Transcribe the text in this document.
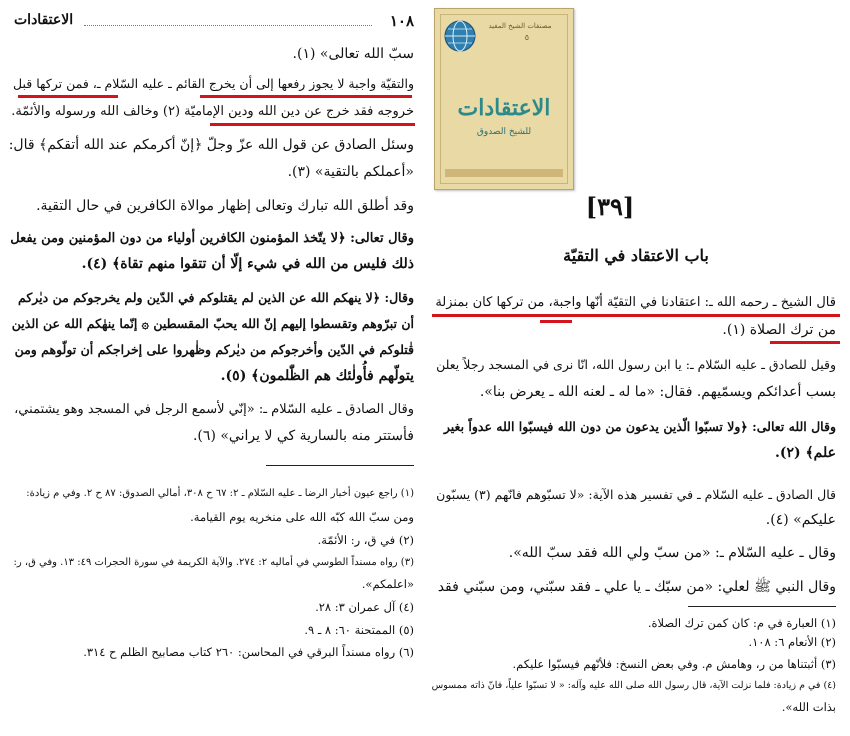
١٠٨
الاعتقادات
سبّ الله تعالى» (١).
والتقيّة واجبة لا يجوز رفعها إلى أن يخرج القائم ـ عليه السّلام ـ، فمن تركها قبل
خروجه فقد خرج عن دين الله ودين الإماميّة (٢) وخالف الله ورسوله والأئمّة.
وسئل الصادق عن قول الله عزّ وجلّ ﴿إنّ أكرمكم عند الله أتقكم﴾ قال:
«أعملكم بالتقية» (٣).
وقد أطلق الله تبارك وتعالى إظهار موالاة الكافرين في حال التقية.
وقال تعالى: ﴿لا يتّخذ المؤمنون الكافرين أولياء من دون المؤمنين ومن يفعل
ذلك فليس من الله في شيء إلّا أن تتقوا منهم تقاة﴾ (٤).
وقال: ﴿لا ينهكم الله عن الذين لم يقتلوكم في الدّين ولم يخرجوكم من ديٰركم
أن تبرّوهم وتقسطوا إليهم إنّ الله يحبّ المقسطين ۞ إنّما ينهٰكم الله عن الذين
قٰتلوكم في الدّين وأخرجوكم من ديٰركم وظٰهروا على إخراجكم أن تولّوهم ومن
يتولّهم فأُولٰئك هم الظّٰلمون﴾ (٥).
وقال الصادق ـ عليه السّلام ـ: «إنّي لأسمع الرجل في المسجد وهو يشتمني،
فأستتر منه بالسارية كي لا يراني» (٦).
(١) راجع عيون أخبار الرضا ـ عليه السّلام ـ ٢: ٦٧ ح ٣٠٨، أمالي الصدوق: ٨٧ ح ٢. وفي م زيادة:
ومن سبّ الله كبّه الله على منخريه يوم القيامة.
(٢) في ق، ر: الأئمّة.
(٣) رواه مسنداً الطوسي في أماليه ٢: ٢٧٤. والآية الكريمة في سورة الحجرات ٤٩: ١٣. وفي ق، ر:
«اعلمكم».
(٤) آل عمران ٣: ٢٨.
(٥) الممتحنة ٦٠: ٨ ـ ٩.
(٦) رواه مسنداً البرقي في المحاسن: ٢٦٠ كتاب مصابيح الظلم ح ٣١٤.
مصنفات الشيخ المفيد
٥
الاعتقادات
للشيخ الصدوق
[٣٩]
باب الاعتقاد في التقيّة
قال الشيخ ـ رحمه الله ـ: اعتقادنا في التقيّة أنّها واجبة، من تركها كان بمنزلة
من ترك الصلاة (١).
وقيل للصادق ـ عليه السّلام ـ: يا ابن رسول الله، انّا نرى في المسجد رجلاً يعلن
بسب أعدائكم ويسمّيهم. فقال: «ما له ـ لعنه الله ـ يعرض بنا».
وقال الله تعالى: ﴿ولا تسبّوا الّذين يدعون من دون الله فيسبّوا الله عدواً بغير
علم﴾ (٢).
قال الصادق ـ عليه السّلام ـ في تفسير هذه الآية: «لا تسبّوهم فانّهم (٣) يسبّون
عليكم» (٤).
وقال ـ عليه السّلام ـ: «من سبّ ولي الله فقد سبّ الله».
وقال النبي ﷺ لعلي: «من سبّك ـ يا علي ـ فقد سبّني، ومن سبّني فقد
(١) العبارة في م: كان كمن ترك الصلاة.
(٢) الأنعام ٦: ١٠٨.
(٣) أثبتناها من ر، وهامش م. وفي بعض النسخ: فلأنّهم فيسبّوا عليكم.
(٤) في م زيادة: فلما نزلت الآية، قال رسول الله صلى الله عليه وآله: « لا تسبّوا علياً، فانّ ذاته ممسوس
بذات الله».
